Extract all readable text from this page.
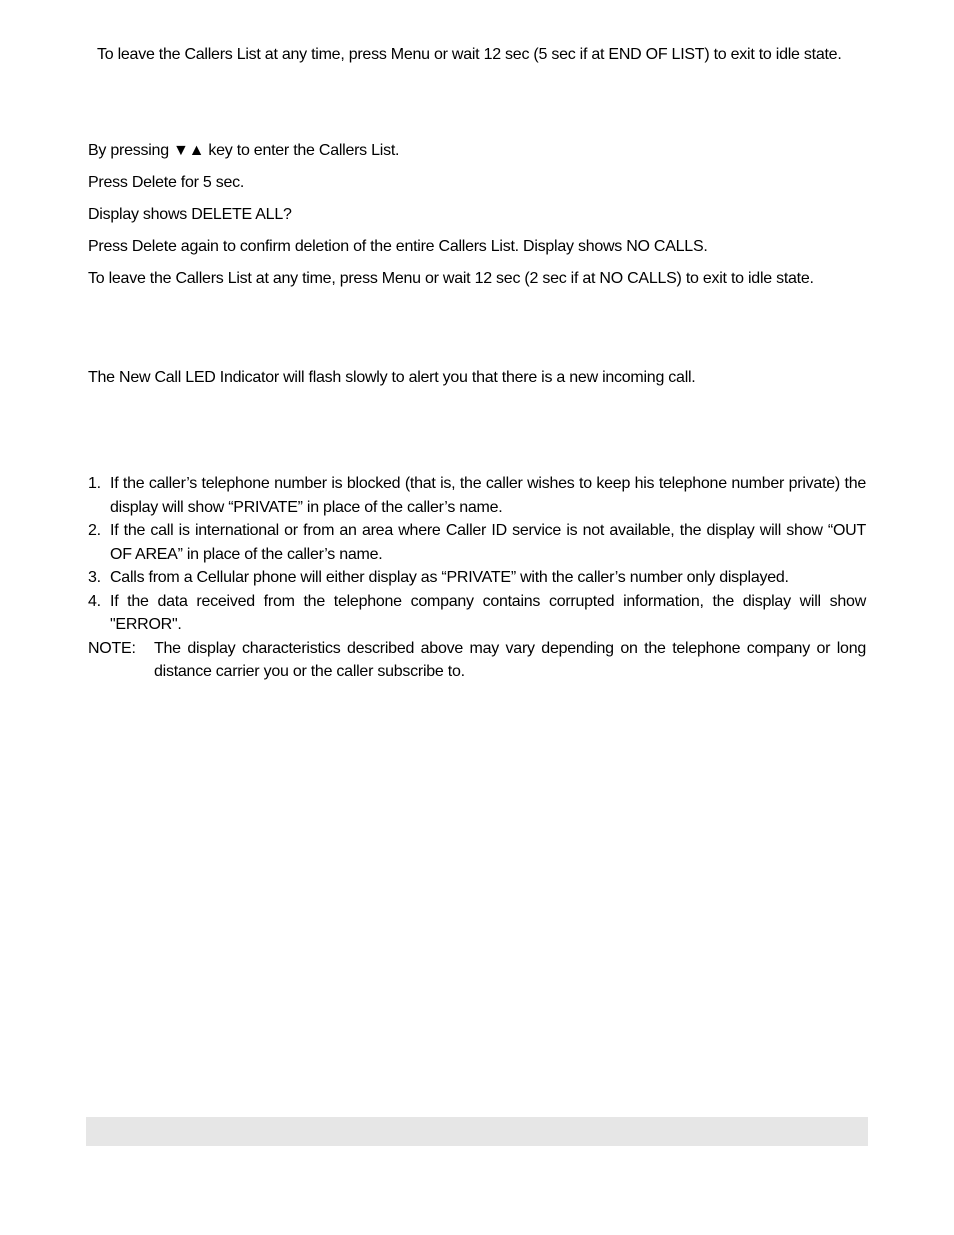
To leave the Callers List at any time, press Menu or wait 12 sec (5 sec if at END OF LIST) to exit to idle state.
By pressing ▼▲ key to enter the Callers List.
Press Delete for 5 sec.
Display shows DELETE ALL?
Press Delete again to confirm deletion of the entire Callers List. Display shows NO CALLS.
To leave the Callers List at any time, press Menu or wait 12 sec (2 sec if at NO CALLS) to exit to idle state.
The New Call LED Indicator will flash slowly to alert you that there is a new incoming call.
1. If the caller’s telephone number is blocked (that is, the caller wishes to keep his telephone number private) the display will show “PRIVATE” in place of the caller’s name.
2. If the call is international or from an area where Caller ID service is not available, the display will show “OUT OF AREA” in place of the caller’s name.
3. Calls from a Cellular phone will either display as “PRIVATE” with the caller’s number only displayed.
4. If the data received from the telephone company contains corrupted information, the display will show "ERROR".
NOTE:	The display characteristics described above may vary depending on the telephone company or long distance carrier you or the caller subscribe to.
